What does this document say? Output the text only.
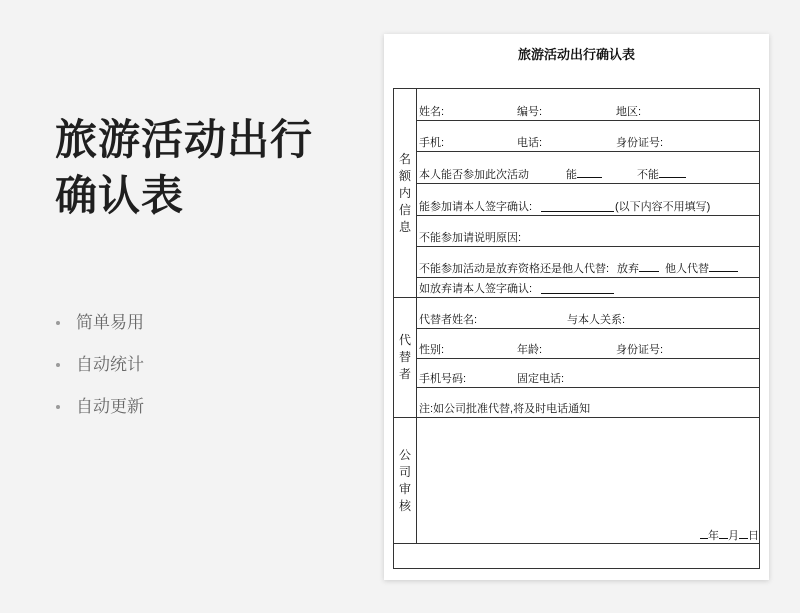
旅游活动出行确认表
简单易用
自动统计
自动更新
旅游活动出行确认表
名
额
内
信
息	姓名: 编号: 地区:

	手机: 电话: 身份证号:

	本人能否参加此次活动 能 不能

	能参加请本人签字确认: (以下内容不用填写)

	不能参加请说明原因:

	不能参加活动是放弃资格还是他人代替: 放弃 他人代替

	如放弃请本人签字确认:

代
替
者	代替者姓名: 与本人关系:

	性别: 年龄: 身份证号:

	手机号码: 固定电话:

	注:如公司批准代替,将及时电话通知

公
司
审
核	年 月 日
